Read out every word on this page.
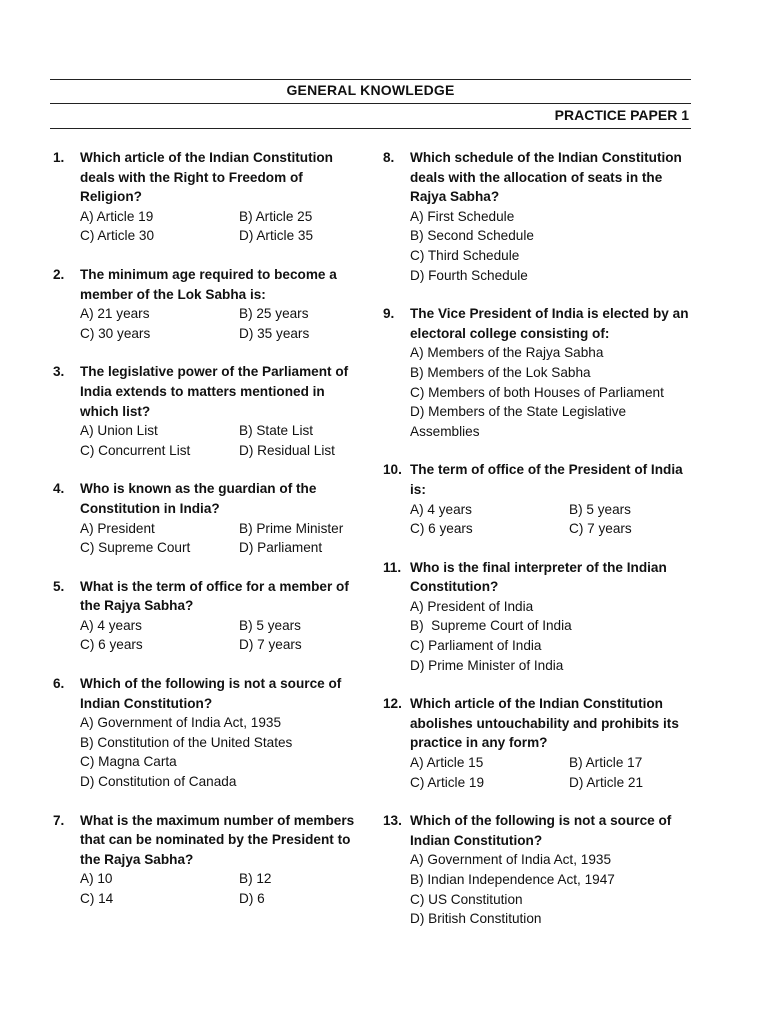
GENERAL KNOWLEDGE
PRACTICE PAPER 1
1. Which article of the Indian Constitution deals with the Right to Freedom of Religion?
A) Article 19	B) Article 25
C) Article 30	D) Article 35
2. The minimum age required to become a member of the Lok Sabha is:
A) 21 years	B) 25 years
C) 30 years	D) 35 years
3. The legislative power of the Parliament of India extends to matters mentioned in which list?
A) Union List	B) State List
C) Concurrent List	D) Residual List
4. Who is known as the guardian of the Constitution in India?
A) President	B) Prime Minister
C) Supreme Court	D) Parliament
5. What is the term of office for a member of the Rajya Sabha?
A) 4 years	B) 5 years
C) 6 years	D) 7 years
6. Which of the following is not a source of Indian Constitution?
A) Government of India Act, 1935
B) Constitution of the United States
C) Magna Carta
D) Constitution of Canada
7. What is the maximum number of members that can be nominated by the President to the Rajya Sabha?
A) 10	B) 12
C) 14	D) 6
8. Which schedule of the Indian Constitution deals with the allocation of seats in the Rajya Sabha?
A) First Schedule
B) Second Schedule
C) Third Schedule
D) Fourth Schedule
9. The Vice President of India is elected by an electoral college consisting of:
A) Members of the Rajya Sabha
B) Members of the Lok Sabha
C) Members of both Houses of Parliament
D) Members of the State Legislative Assemblies
10. The term of office of the President of India is:
A) 4 years	B) 5 years
C) 6 years	C) 7 years
11. Who is the final interpreter of the Indian Constitution?
A) President of India
B)  Supreme Court of India
C) Parliament of India
D) Prime Minister of India
12. Which article of the Indian Constitution abolishes untouchability and prohibits its practice in any form?
A) Article 15	B) Article 17
C) Article 19	D) Article 21
13. Which of the following is not a source of Indian Constitution?
A) Government of India Act, 1935
B) Indian Independence Act, 1947
C) US Constitution
D) British Constitution
